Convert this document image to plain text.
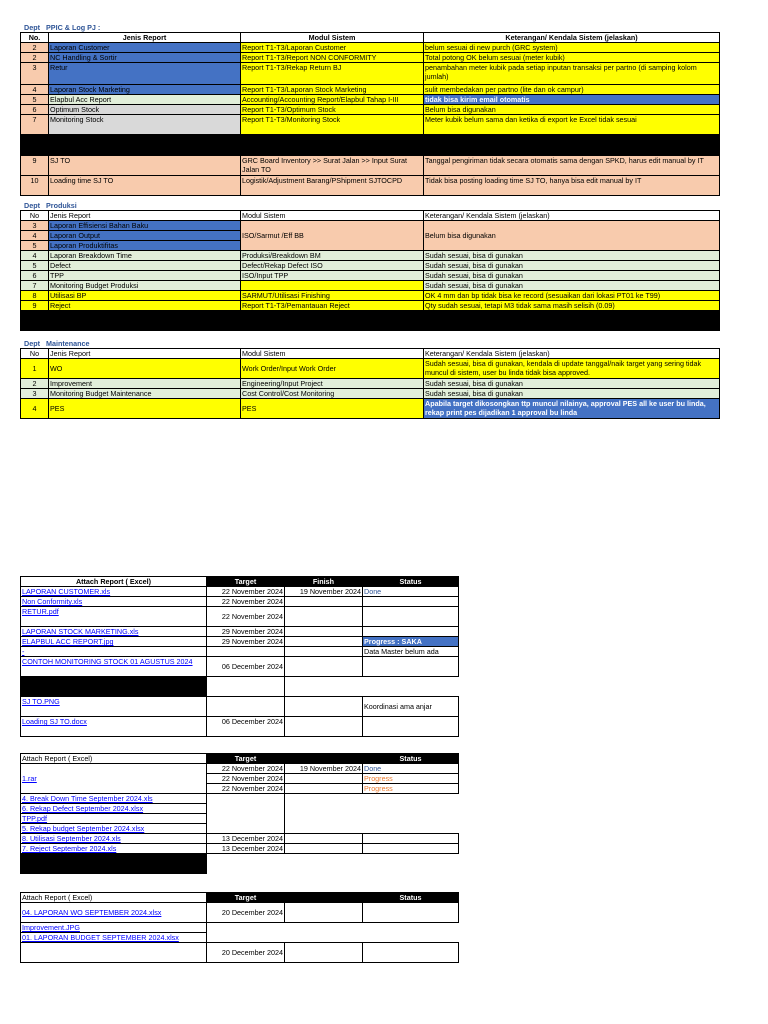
Dept PPIC & Log PJ :
No.	Jenis Report	Modul Sistem	Keterangan/ Kendala Sistem (jelaskan)
2	Laporan Customer	Report T1-T3/Laporan Customer	belum sesuai di new purch (GRC system)
2	NC Handling & Sortir	Report T1-T3/Report NON CONFORMITY	Total potong OK belum sesuai (meter kubik)
3	Retur	Report T1-T3/Rekap Return BJ	penambahan meter kubik pada setiap inputan transaksi per partno (di samping kolom jumlah)
4	Laporan Stock Marketing	Report T1-T3/Laporan Stock Marketing	sulit membedakan per partno (lite dan ok campur)
5	Elapbul Acc Report	Accounting/Accounting Report/Elapbul Tahap I-III	tidak bisa kirim email otomatis
6	Optimum Stock	Report T1-T3/Optimum Stock	Belum bisa digunakan
7	Monitoring Stock	Report T1-T3/Monitoring Stock	Meter kubik belum sama dan ketika di export ke Excel tidak sesuai

9	SJ TO	GRC Board Inventory >> Surat Jalan >> Input Surat Jalan TO	Tanggal pengiriman tidak secara otomatis sama dengan SPKD, harus edit manual by IT
10	Loading time SJ TO	Logistik/Adjustment Barang/PShipment SJTOCPD	Tidak bisa posting loading time SJ TO, hanya bisa edit manual by IT
Dept Produksi
No	Jenis Report	Modul Sistem	Keterangan/ Kendala Sistem (jelaskan)
3	Laporan Effisiensi Bahan Baku	ISO/Sarmut /Eff BB	Belum bisa digunakan
4	Laporan Output		
5	Laporan Produktifitas		
4	Laporan Breakdown Time	Produksi/Breakdown BM	Sudah sesuai, bisa di gunakan
5	Defect	Defect/Rekap Defect ISO	Sudah sesuai, bisa di gunakan
6	TPP	ISO/Input TPP	Sudah sesuai, bisa di gunakan
7	Monitoring Budget Produksi		Sudah sesuai, bisa di gunakan
8	Utilisasi BP	SARMUT/Utilisasi Finishing	OK 4 mm dan bp tidak bisa ke record (sesuaikan dari lokasi PT01 ke T99)
9	Reject	Report T1-T3/Pemantauan Reject	Qty sudah sesuai, tetapi M3 tidak sama masih selisih (0.09)

Dept Maintenance
No	Jenis Report	Modul Sistem	Keterangan/ Kendala Sistem (jelaskan)
1	WO	Work Order/Input Work Order	Sudah sesuai, bisa di gunakan, kendala di update tanggal/naik target yang sering tidak muncul di sistem, user bu linda tidak bisa approved.
2	Improvement	Engineering/Input Project	Sudah sesuai, bisa di gunakan
3	Monitoring Budget Maintenance	Cost Control/Cost Monitoring	Sudah sesuai, bisa di gunakan
4	PES	PES	Apabila target dikosongkan ttp muncul nilainya, approval PES all ke user bu linda, rekap print pes dijadikan 1 approval bu linda
Attach Report ( Excel)	Target	Finish	Status
LAPORAN CUSTOMER.xls	22 November 2024	19 November 2024	Done
Non Conformity.xls	22 November 2024		
RETUR.pdf	22 November 2024		
LAPORAN STOCK MARKETING.xls	29 November 2024		
ELAPBUL ACC REPORT.jpg	29 November 2024		Progress : SAKA
-			Data Master belum ada
CONTOH MONITORING STOCK 01 AGUSTUS 2024	06 December 2024		

SJ TO.PNG			Koordinasi ama anjar
Loading SJ TO.docx	06 December 2024		
Attach Report ( Excel)	Target		Status
1.rar	22 November 2024	19 November 2024	Done
	22 November 2024		Progress
	22 November 2024		Progress
4. Break Down Time September 2024.xls			
6. Rekap Defect September 2024.xlsx			
TPP.pdf			
5. Rekap budget September 2024.xlsx			
8. Utilisasi September 2024.xls	13 December 2024		
7. Reject September 2024.xls	13 December 2024		

Attach Report ( Excel)	Target		Status
04. LAPORAN WO SEPTEMBER 2024.xlsx	20 December 2024		
Improvement.JPG			
01. LAPORAN BUDGET SEPTEMBER 2024.xlsx			
	20 December 2024		
